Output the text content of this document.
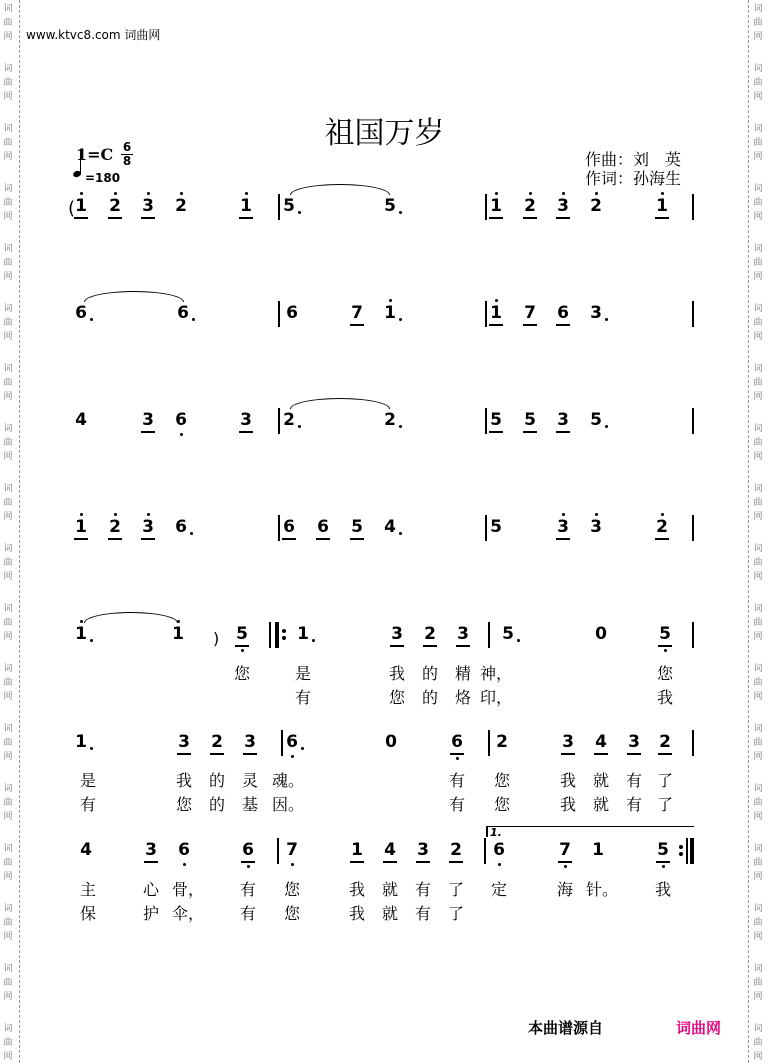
词
曲
网
词
曲
网
词
曲
网
词
曲
网
词
曲
网
词
曲
网
词
曲
网
词
曲
网
词
曲
网
词
曲
网
词
曲
网
词
曲
网
词
曲
网
词
曲
网
词
曲
网
词
曲
网
词
曲
网
词
曲
网
词
曲
网
词
曲
网
词
曲
网
词
曲
网
词
曲
网
词
曲
网
词
曲
网
词
曲
网
词
曲
网
词
曲
网
词
曲
网
词
曲
网
词
曲
网
词
曲
网
词
曲
网
词
曲
网
词
曲
网
词
曲
网
www.ktvc8.com 词曲网
祖国万岁
作曲：刘　英
作词：孙海生
$1=C \frac{6}{8}$
=180
(
)
1 2 3 2	1 5	5	1 2 3 2	1
6	6	6	7 1	1 7 6 3
4	3 6	3 2	2	5 5 3 5
1 2 3 6	6 6 5 4	5	3 3	2
1	1	5	1	3 2 3 5	0	5
您	是	我 的 精 神，	您
有	您 的 烙 印，	我
1	3 2 3 6	0	6 2	3 4 3 2
是	我 的 灵 魂。	有 您	我 就 有 了
有	您 的 基 因。	有 您	我 就 有 了
4	3 6	6 7	1 4 3 2 6	7 1	5
1.
主	心 骨， 有 您	我 就 有 了 定	海 针。 我
保	护 伞， 有 您	我 就 有 了
本曲谱源自	词曲网
